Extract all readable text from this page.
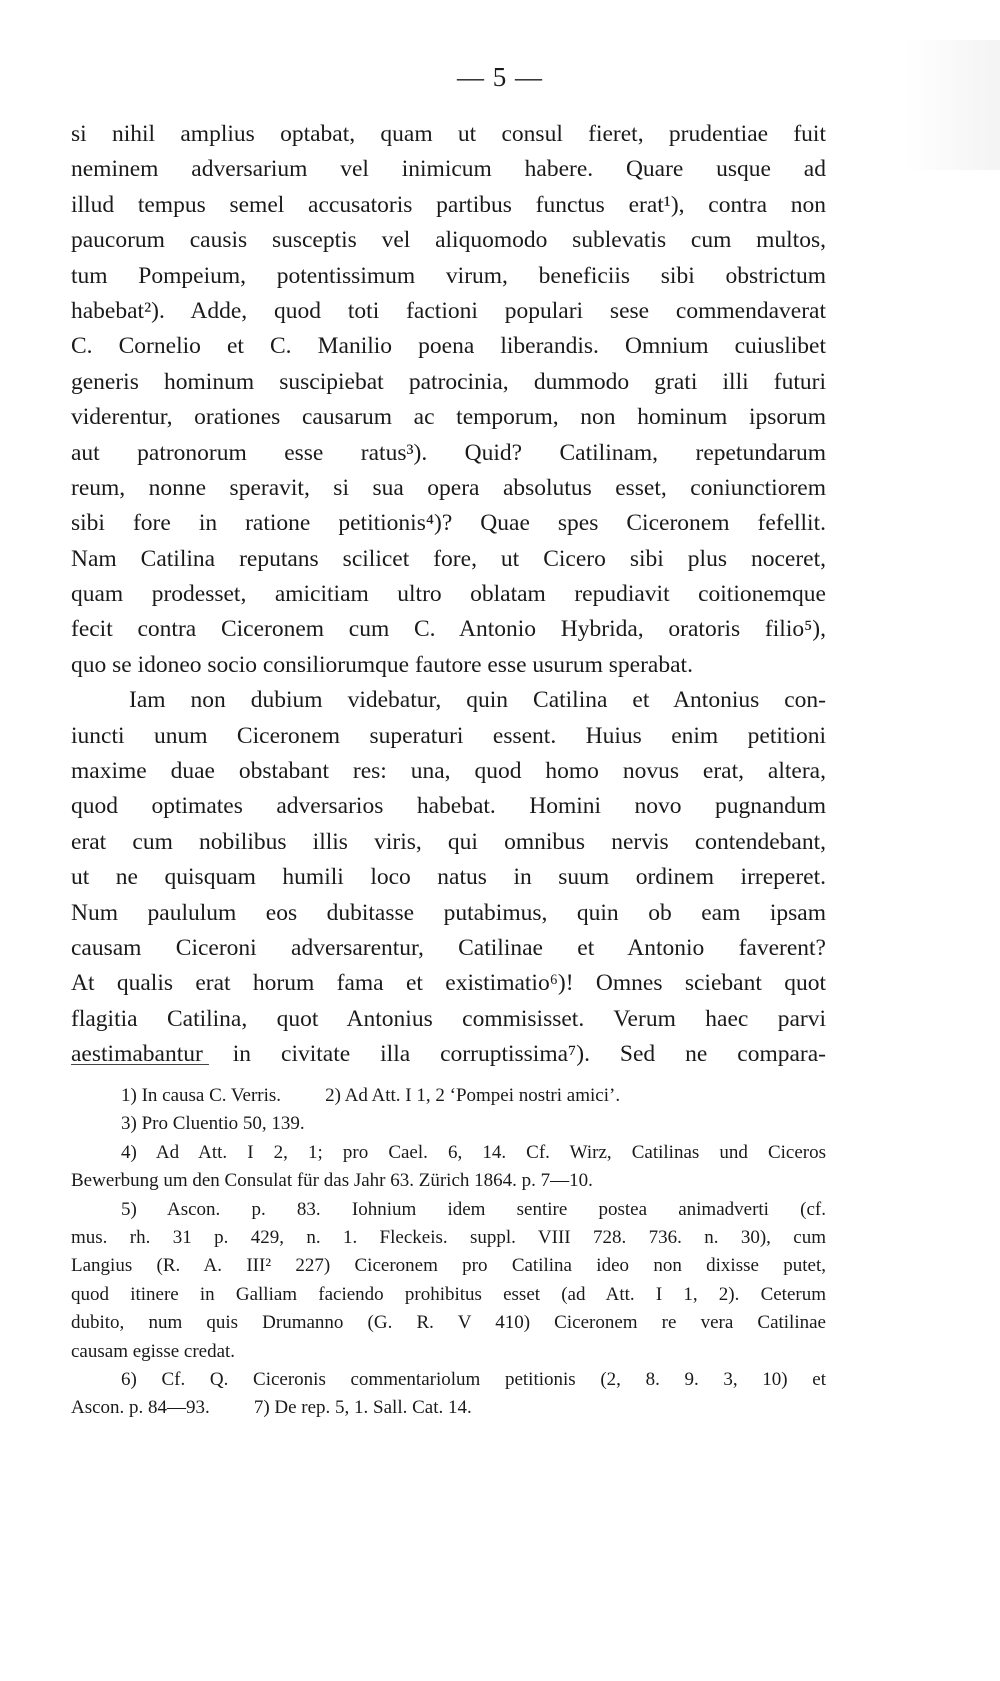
— 5 —
si nihil amplius optabat, quam ut consul fieret, prudentiae fuit
neminem adversarium vel inimicum habere. Quare usque ad
illud tempus semel accusatoris partibus functus erat¹), contra non
paucorum causis susceptis vel aliquomodo sublevatis cum multos,
tum Pompeium, potentissimum virum, beneficiis sibi obstrictum
habebat²). Adde, quod toti factioni populari sese commendaverat
C. Cornelio et C. Manilio poena liberandis. Omnium cuiuslibet
generis hominum suscipiebat patrocinia, dummodo grati illi futuri
viderentur, orationes causarum ac temporum, non hominum ipsorum
aut patronorum esse ratus³). Quid? Catilinam, repetundarum
reum, nonne speravit, si sua opera absolutus esset, coniunctiorem
sibi fore in ratione petitionis⁴)? Quae spes Ciceronem fefellit.
Nam Catilina reputans scilicet fore, ut Cicero sibi plus noceret,
quam prodesset, amicitiam ultro oblatam repudiavit coitionemque
fecit contra Ciceronem cum C. Antonio Hybrida, oratoris filio⁵),
quo se idoneo socio consiliorumque fautore esse usurum sperabat.
Iam non dubium videbatur, quin Catilina et Antonius con-
iuncti unum Ciceronem superaturi essent. Huius enim petitioni
maxime duae obstabant res: una, quod homo novus erat, altera,
quod optimates adversarios habebat. Homini novo pugnandum
erat cum nobilibus illis viris, qui omnibus nervis contendebant,
ut ne quisquam humili loco natus in suum ordinem irreperet.
Num paululum eos dubitasse putabimus, quin ob eam ipsam
causam Ciceroni adversarentur, Catilinae et Antonio faverent?
At qualis erat horum fama et existimatio⁶)! Omnes sciebant quot
flagitia Catilina, quot Antonius commisisset. Verum haec parvi
aestimabantur in civitate illa corruptissima⁷). Sed ne compara-
1) In causa C. Verris. 2) Ad Att. I 1, 2 ‘Pompei nostri amici’.
3) Pro Cluentio 50, 139.
4) Ad Att. I 2, 1; pro Cael. 6, 14. Cf. Wirz, Catilinas und Ciceros
Bewerbung um den Consulat für das Jahr 63. Zürich 1864. p. 7—10.
5) Ascon. p. 83. Iohnium idem sentire postea animadverti (cf.
mus. rh. 31 p. 429, n. 1. Fleckeis. suppl. VIII 728. 736. n. 30), cum
Langius (R. A. III² 227) Ciceronem pro Catilina ideo non dixisse putet,
quod itinere in Galliam faciendo prohibitus esset (ad Att. I 1, 2). Ceterum
dubito, num quis Drumanno (G. R. V 410) Ciceronem re vera Catilinae
causam egisse credat.
6) Cf. Q. Ciceronis commentariolum petitionis (2, 8. 9. 3, 10) et
Ascon. p. 84—93. 7) De rep. 5, 1. Sall. Cat. 14.
